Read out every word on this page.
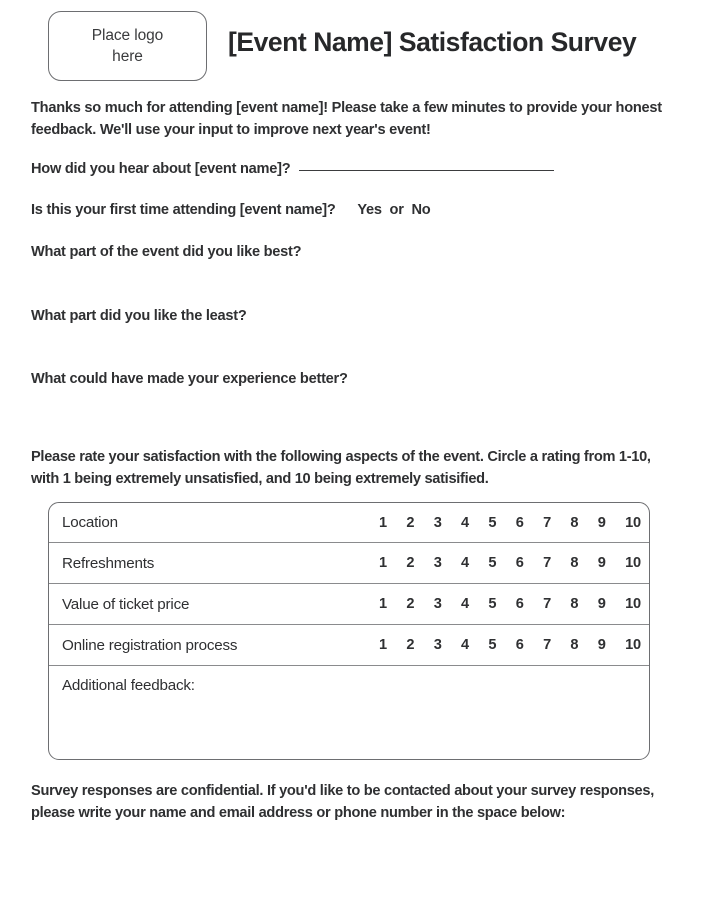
Place logo
here	[Event Name] Satisfaction Survey
Thanks so much for attending [event name]! Please take a few minutes to provide your honest feedback. We'll use your input to improve next year's event!
How did you hear about [event name]?
Is this your first time attending [event name]? Yes or No
What part of the event did you like best?
What part did you like the least?
What could have made your experience better?
Please rate your satisfaction with the following aspects of the event. Circle a rating from 1-10, with 1 being extremely unsatisfied, and 10 being extremely satisified.
Location	1 2 3 4 5 6 7 8 9 10
Refreshments	1 2 3 4 5 6 7 8 9 10
Value of ticket price	1 2 3 4 5 6 7 8 9 10
Online registration process	1 2 3 4 5 6 7 8 9 10
Additional feedback:
Survey responses are confidential. If you'd like to be contacted about your survey responses, please write your name and email address or phone number in the space below:
